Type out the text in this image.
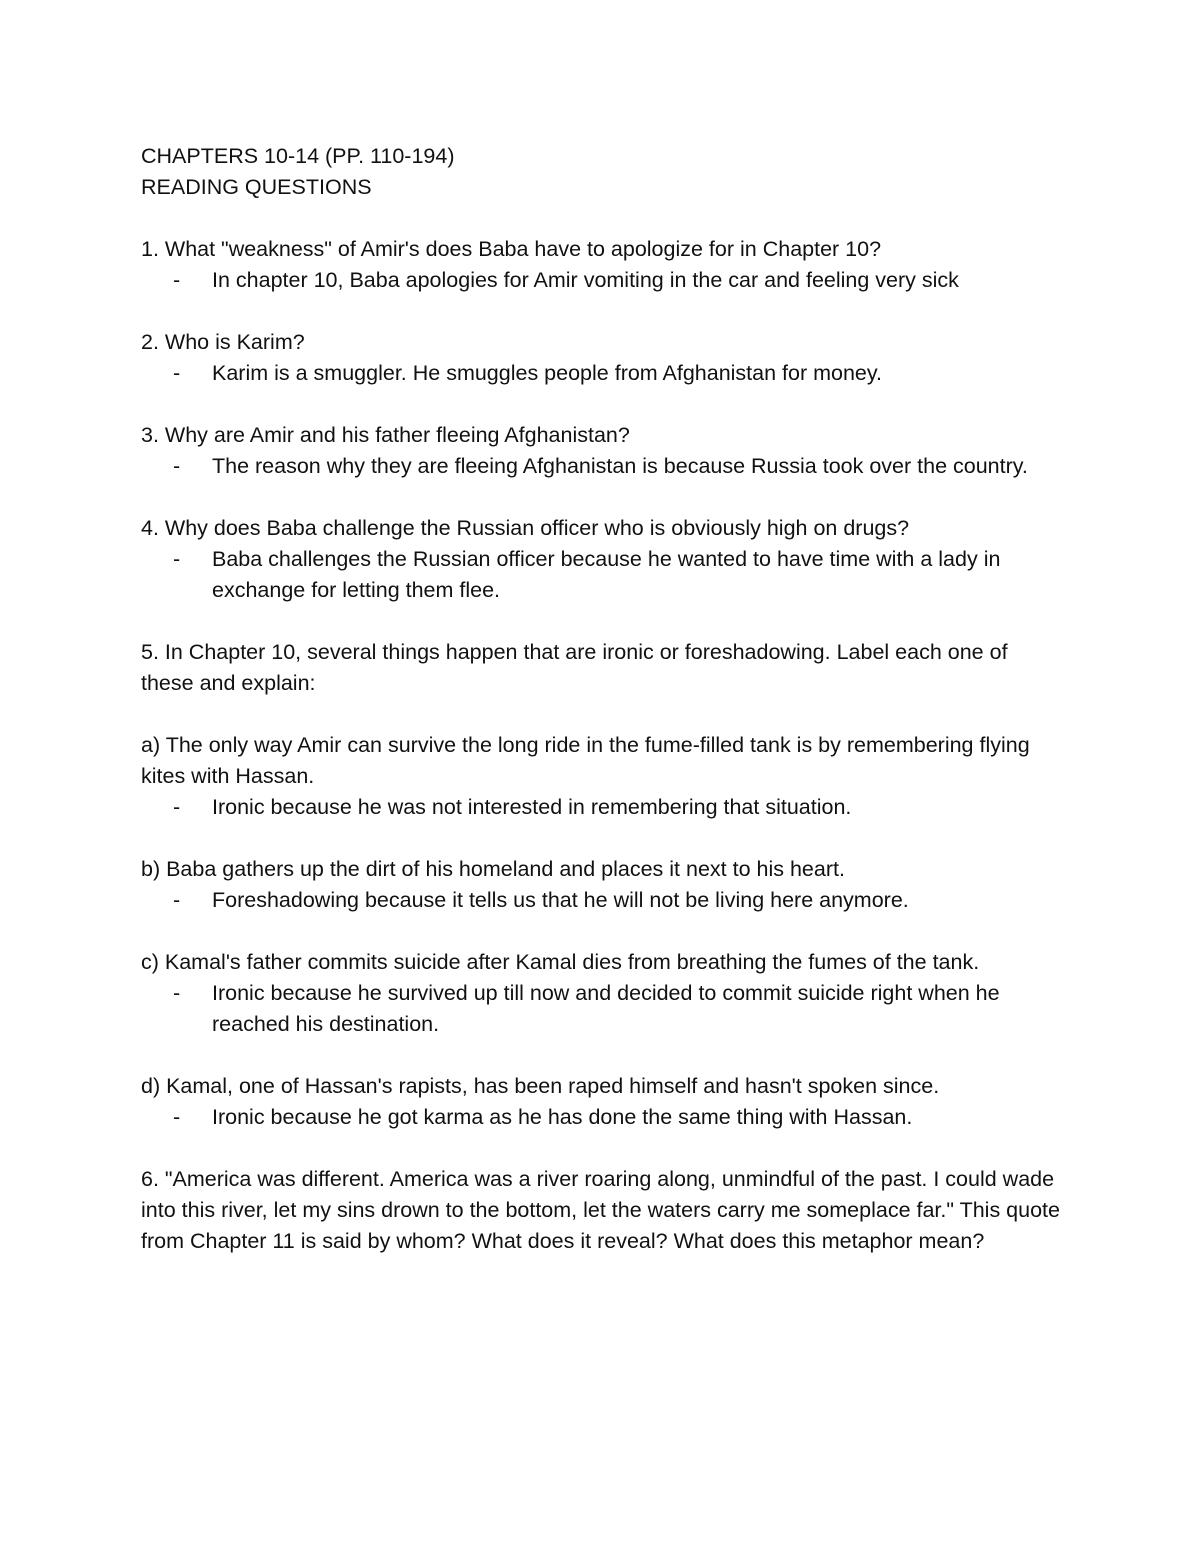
CHAPTERS 10-14 (PP. 110-194)

READING QUESTIONS

1. What "weakness" of Amir's does Baba have to apologize for in Chapter 10?

- In chapter 10, Baba apologies for Amir vomiting in the car and feeling very sick

2. Who is Karim?

- Karim is a smuggler. He smuggles people from Afghanistan for money.

3. Why are Amir and his father fleeing Afghanistan?

- The reason why they are fleeing Afghanistan is because Russia took over the country.

4. Why does Baba challenge the Russian officer who is obviously high on drugs?

- Baba challenges the Russian officer because he wanted to have time with a lady in exchange for letting them flee.

5. In Chapter 10, several things happen that are ironic or foreshadowing. Label each one of these and explain:

a) The only way Amir can survive the long ride in the fume-filled tank is by remembering flying kites with Hassan.

- Ironic because he was not interested in remembering that situation.

b) Baba gathers up the dirt of his homeland and places it next to his heart.

- Foreshadowing because it tells us that he will not be living here anymore.

c) Kamal's father commits suicide after Kamal dies from breathing the fumes of the tank.

- Ironic because he survived up till now and decided to commit suicide right when he reached his destination.

d) Kamal, one of Hassan's rapists, has been raped himself and hasn't spoken since.

- Ironic because he got karma as he has done the same thing with Hassan.

6. "America was different. America was a river roaring along, unmindful of the past. I could wade into this river, let my sins drown to the bottom, let the waters carry me someplace far." This quote from Chapter 11 is said by whom? What does it reveal? What does this metaphor mean?
